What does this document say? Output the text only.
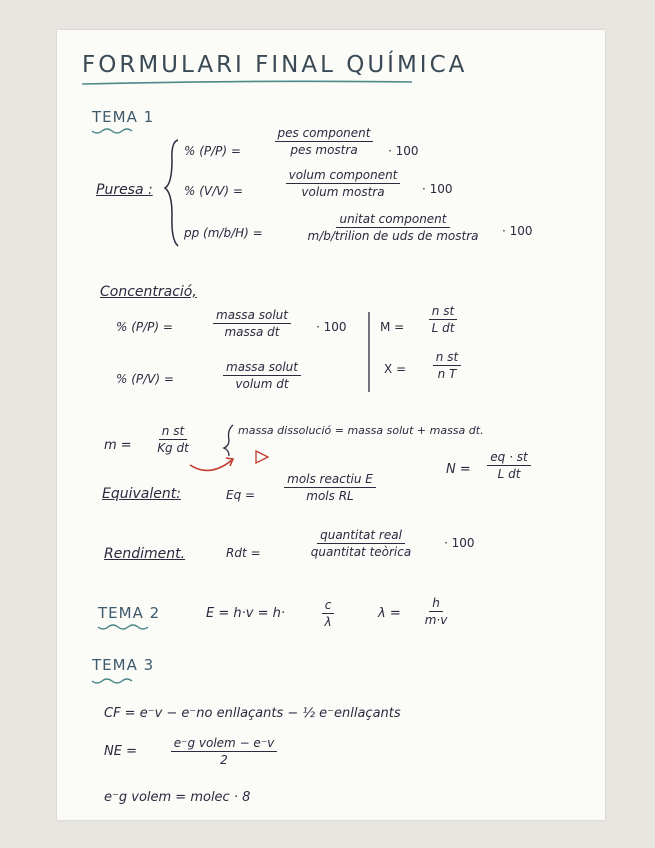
FORMULARI FINAL QUÍMICA
TEMA 1
Puresa :
% (P/P) =
pes component
pes mostra	· 100
% (V/V) =
volum component
volum mostra	· 100
pp (m/b/H) =
unitat component
m/b/trilion de uds de mostra · 100
Concentració,
% (P/P) =
massa solut
massa dt	· 100
% (P/V) =
massa solut
volum dt
$M = \frac{\text{n st}}{\text{L dt}}$
$X = \frac{\text{n st}}{\text{n T}}$
$m = \frac{\text{n st}}{\text{Kg dt}}$	massa dissolució = massa solut + massa dt.
Equivalent:	Eq =
mols reactiu E
mols RL
$N = \frac{eq \cdot st}{\text{L dt}}$
Rendiment.	Rdt =
quantitat real
quantitat teòrica
· 100
TEMA 2	E = h·v = h·	$\frac{c}{\lambda}$	$\lambda = \frac{h}{m\cdot v}$
TEMA 3
CF = e⁻v − e⁻no enllaçants − ½ e⁻enllaçants
NE =
e⁻g volem − e⁻v
2
e⁻g volem = molec · 8
